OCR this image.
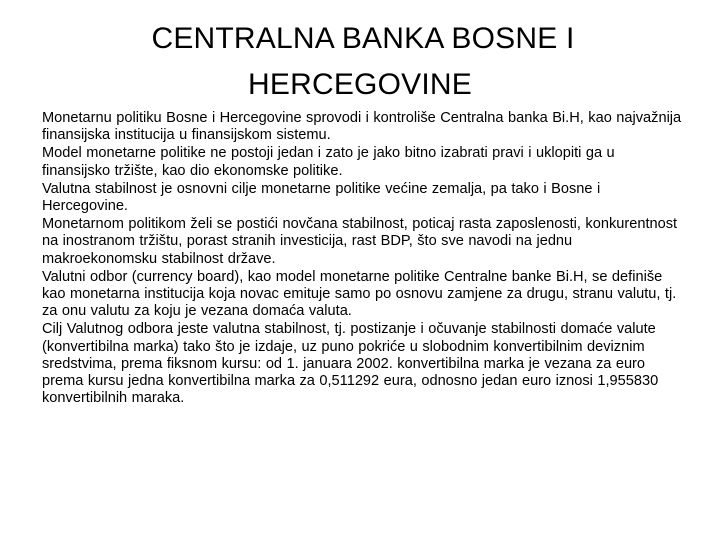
CENTRALNA BANKA BOSNE I
HERCEGOVINE

Monetarnu politiku Bosne i Hercegovine sprovodi i kontroliše Centralna banka Bi.H, kao najvažnija finansijska institucija u finansijskom sistemu.

Model monetarne politike ne postoji jedan i zato je jako bitno izabrati pravi i uklopiti ga u finansijsko tržište, kao dio ekonomske politike.

Valutna stabilnost je osnovni cilje monetarne politike većine zemalja, pa tako i Bosne i Hercegovine.

Monetarnom politikom želi se postići novčana stabilnost, poticaj rasta zaposlenosti, konkurentnost na inostranom tržištu, porast stranih investicija, rast BDP, što sve navodi na jednu makroekonomsku stabilnost države.

Valutni odbor (currency board), kao model monetarne politike Centralne banke Bi.H, se definiše kao monetarna institucija koja novac emituje samo po osnovu zamjene za drugu, stranu valutu, tj. za onu valutu za koju je vezana domaća valuta.

Cilj Valutnog odbora jeste valutna stabilnost, tj. postizanje i očuvanje stabilnosti domaće valute (konvertibilna marka) tako što je izdaje, uz puno pokriće u slobodnim konvertibilnim deviznim sredstvima, prema fiksnom kursu: od 1. januara 2002. konvertibilna marka je vezana za euro prema kursu jedna konvertibilna marka za 0,511292 eura, odnosno jedan euro iznosi 1,955830 konvertibilnih maraka.
